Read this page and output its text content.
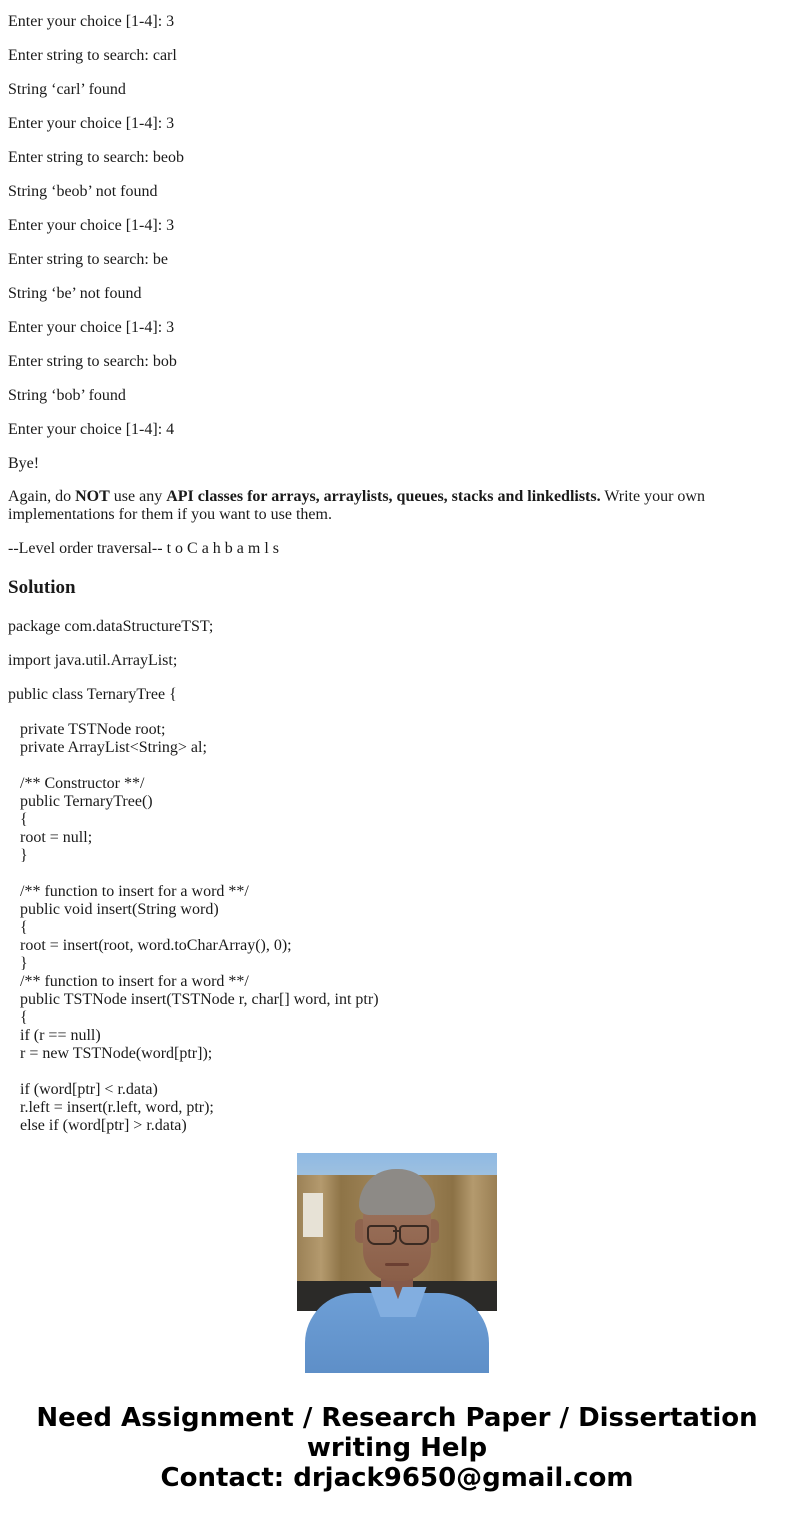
Enter your choice [1-4]: 3

Enter string to search: carl

String ‘carl’ found

Enter your choice [1-4]: 3

Enter string to search: beob

String ‘beob’ not found

Enter your choice [1-4]: 3

Enter string to search: be

String ‘be’ not found

Enter your choice [1-4]: 3

Enter string to search: bob

String ‘bob’ found

Enter your choice [1-4]: 4

Bye!

Again, do NOT use any API classes for arrays, arraylists, queues, stacks and linkedlists. Write your own implementations for them if you want to use them.

--Level order traversal-- t o C a h b a m l s

Solution

package com.dataStructureTST;

import java.util.ArrayList;

public class TernaryTree {

private TSTNode root;
private ArrayList<String> al;
/** Constructor **/
public TernaryTree()
{
root = null;
}
/** function to insert for a word **/
public void insert(String word)
{
root = insert(root, word.toCharArray(), 0);
}
/** function to insert for a word **/
public TSTNode insert(TSTNode r, char[] word, int ptr)
{
if (r == null)
r = new TSTNode(word[ptr]);
if (word[ptr] < r.data)
r.left = insert(r.left, word, ptr);
else if (word[ptr] > r.data)
Need Assignment / Research Paper / Dissertation
writing Help
Contact: drjack9650@gmail.com
